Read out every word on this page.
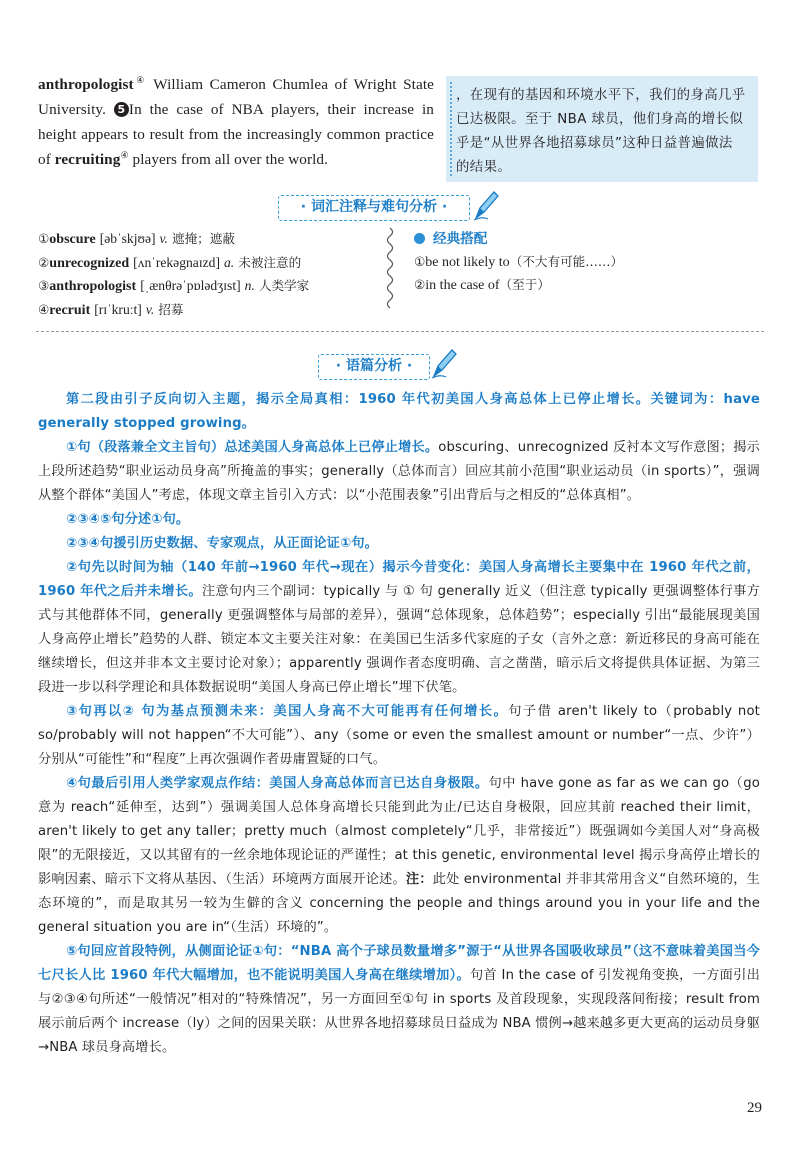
anthropologist④ William Cameron Chumlea of Wright State University. 5 In the case of NBA players, their increase in height appears to result from the increasingly common practice of recruiting④ players from all over the world.
，在现有的基因和环境水平下，我们的身高几乎已达极限。至于 NBA 球员，他们身高的增长似乎是“从世界各地招募球员”这种日益普遍做法的结果。
· 词汇注释与难句分析 ·
①obscure [əbˈskjʊə] v. 遮掩；遮蔽
②unrecognized [ʌnˈrekəgnaɪzd] a. 未被注意的
③anthropologist [ˌænθrəˈpɒlədʒɪst] n. 人类学家
④recruit [rɪˈkruːt] v. 招募
经典搭配
①be not likely to（不大有可能……）
②in the case of（至于）
· 语篇分析 ·

第二段由引子反向切入主题，揭示全局真相：1960 年代初美国人身高总体上已停止增长。关键词为：have generally stopped growing。

①句（段落兼全文主旨句）总述美国人身高总体上已停止增长。obscuring、unrecognized 反衬本文写作意图；揭示上段所述趋势“职业运动员身高”所掩盖的事实；generally（总体而言）回应其前小范围“职业运动员（in sports）”，强调从整个群体“美国人”考虑，体现文章主旨引入方式：以“小范围表象”引出背后与之相反的“总体真相”。

②③④⑤句分述①句。

②③④句援引历史数据、专家观点，从正面论证①句。

②句先以时间为轴（140 年前→1960 年代→现在）揭示今昔变化：美国人身高增长主要集中在 1960 年代之前，1960 年代之后并未增长。注意句内三个副词：typically 与 ① 句 generally 近义（但注意 typically 更强调整体行事方式与其他群体不同，generally 更强调整体与局部的差异），强调“总体现象，总体趋势”；especially 引出“最能展现美国人身高停止增长”趋势的人群、锁定本文主要关注对象：在美国已生活多代家庭的子女（言外之意：新近移民的身高可能在继续增长，但这并非本文主要讨论对象）；apparently 强调作者态度明确、言之凿凿，暗示后文将提供具体证据、为第三段进一步以科学理论和具体数据说明“美国人身高已停止增长”埋下伏笔。

③句再以② 句为基点预测未来：美国人身高不大可能再有任何增长。句子借 aren't likely to（probably not so/probably will not happen“不大可能”）、any（some or even the smallest amount or number“一点、少许”）分别从“可能性”和“程度”上再次强调作者毋庸置疑的口气。

④句最后引用人类学家观点作结：美国人身高总体而言已达自身极限。句中 have gone as far as we can go（go 意为 reach“延伸至，达到”）强调美国人总体身高增长只能到此为止/已达自身极限，回应其前 reached their limit，aren't likely to get any taller；pretty much（almost completely“几乎，非常接近”）既强调如今美国人对“身高极限”的无限接近，又以其留有的一丝余地体现论证的严谨性；at this genetic, environmental level 揭示身高停止增长的影响因素、暗示下文将从基因、（生活）环境两方面展开论述。注：此处 environmental 并非其常用含义“自然环境的，生态环境的”，而是取其另一较为生僻的含义 concerning the people and things around you in your life and the general situation you are in“（生活）环境的”。

⑤句回应首段特例，从侧面论证①句：“NBA 高个子球员数量增多”源于“从世界各国吸收球员”（这不意味着美国当今七尺长人比 1960 年代大幅增加，也不能说明美国人身高在继续增加）。句首 In the case of 引发视角变换，一方面引出与②③④句所述“一般情况”相对的“特殊情况”，另一方面回至①句 in sports 及首段现象，实现段落间衔接；result from 展示前后两个 increase（ly）之间的因果关联：从世界各地招募球员日益成为 NBA 惯例→越来越多更大更高的运动员身躯→NBA 球员身高增长。

29
